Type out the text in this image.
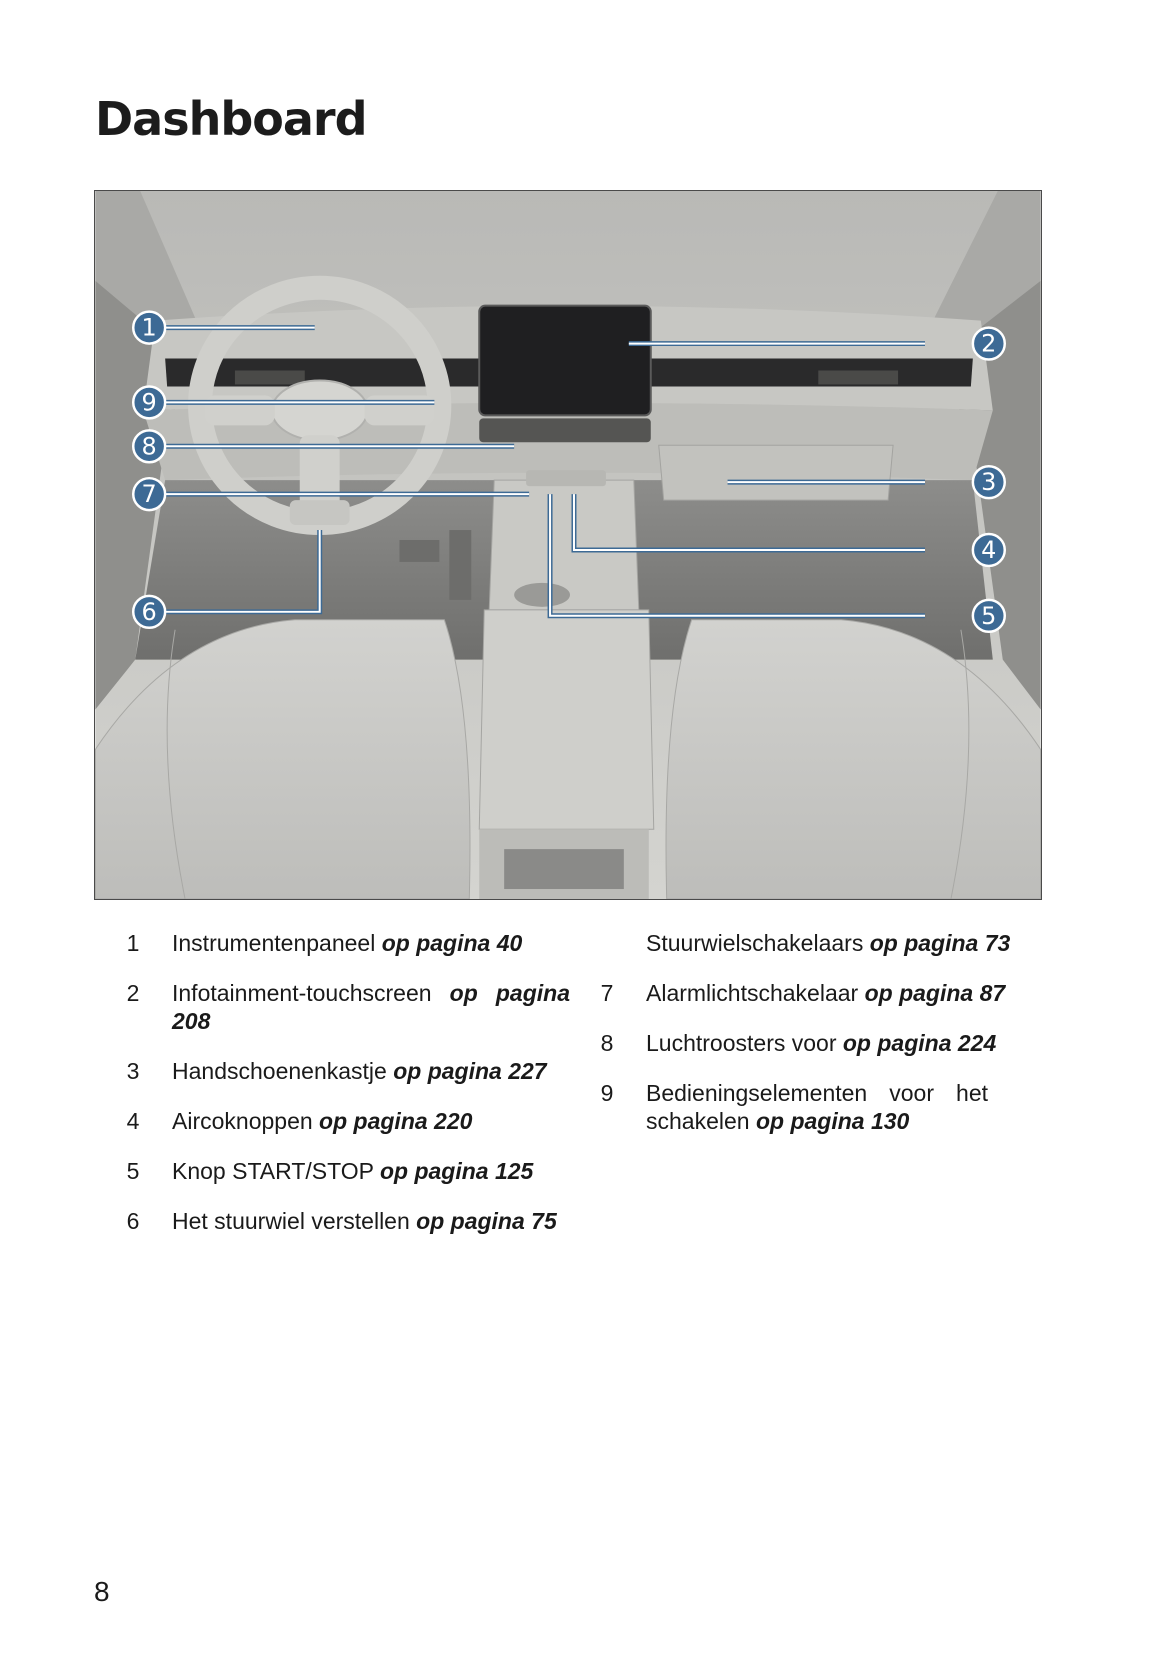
Dashboard
1
2
3
4
5
6
7
8
9
1	Instrumentenpaneel op pagina 40
2	Infotainment-touchscreen op pagina 208
3	Handschoenenkastje op pagina 227
4	Aircoknoppen op pagina 220
5	Knop START/STOP op pagina 125
6	Het stuurwiel verstellen op pagina 75
Stuurwielschakelaars op pagina 73
7	Alarmlichtschakelaar op pagina 87
8	Luchtroosters voor op pagina 224
9	Bedieningselementen voor het schakelen op pagina 130
8
